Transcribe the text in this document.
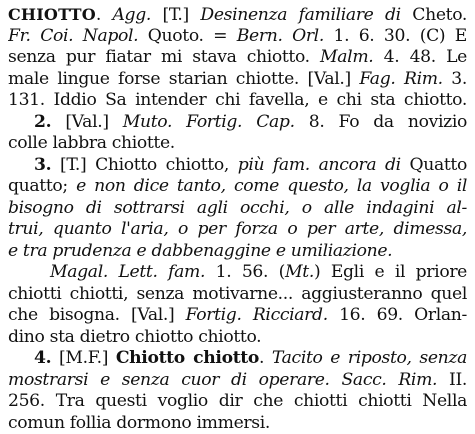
CHIOTTO. Agg. [T.] Desinenza familiare di Cheto.
Fr. Coi. Napol. Quoto. = Bern. Orl. 1. 6. 30. (C) E
senza pur fiatar mi stava chiotto. Malm. 4. 48. Le
male lingue forse starian chiotte. [Val.] Fag. Rim. 3.
131. Iddio Sa intender chi favella, e chi sta chiotto.
2. [Val.] Muto. Fortig. Cap. 8. Fo da novizio
colle labbra chiotte.
3. [T.] Chiotto chiotto, più fam. ancora di Quatto
quatto; e non dice tanto, come questo, la voglia o il
bisogno di sottrarsi agli occhi, o alle indagini al-
trui, quanto l'aria, o per forza o per arte, dimessa,
e tra prudenza e dabbenaggine e umiliazione.
Magal. Lett. fam. 1. 56. (Mt.) Egli e il priore
chiotti chiotti, senza motivarne... aggiusteranno quel
che bisogna. [Val.] Fortig. Ricciard. 16. 69. Orlan-
dino sta dietro chiotto chiotto.
4. [M.F.] Chiotto chiotto. Tacito e riposto, senza
mostrarsi e senza cuor di operare. Sacc. Rim. II.
256. Tra questi voglio dir che chiotti chiotti Nella
comun follia dormono immersi.
